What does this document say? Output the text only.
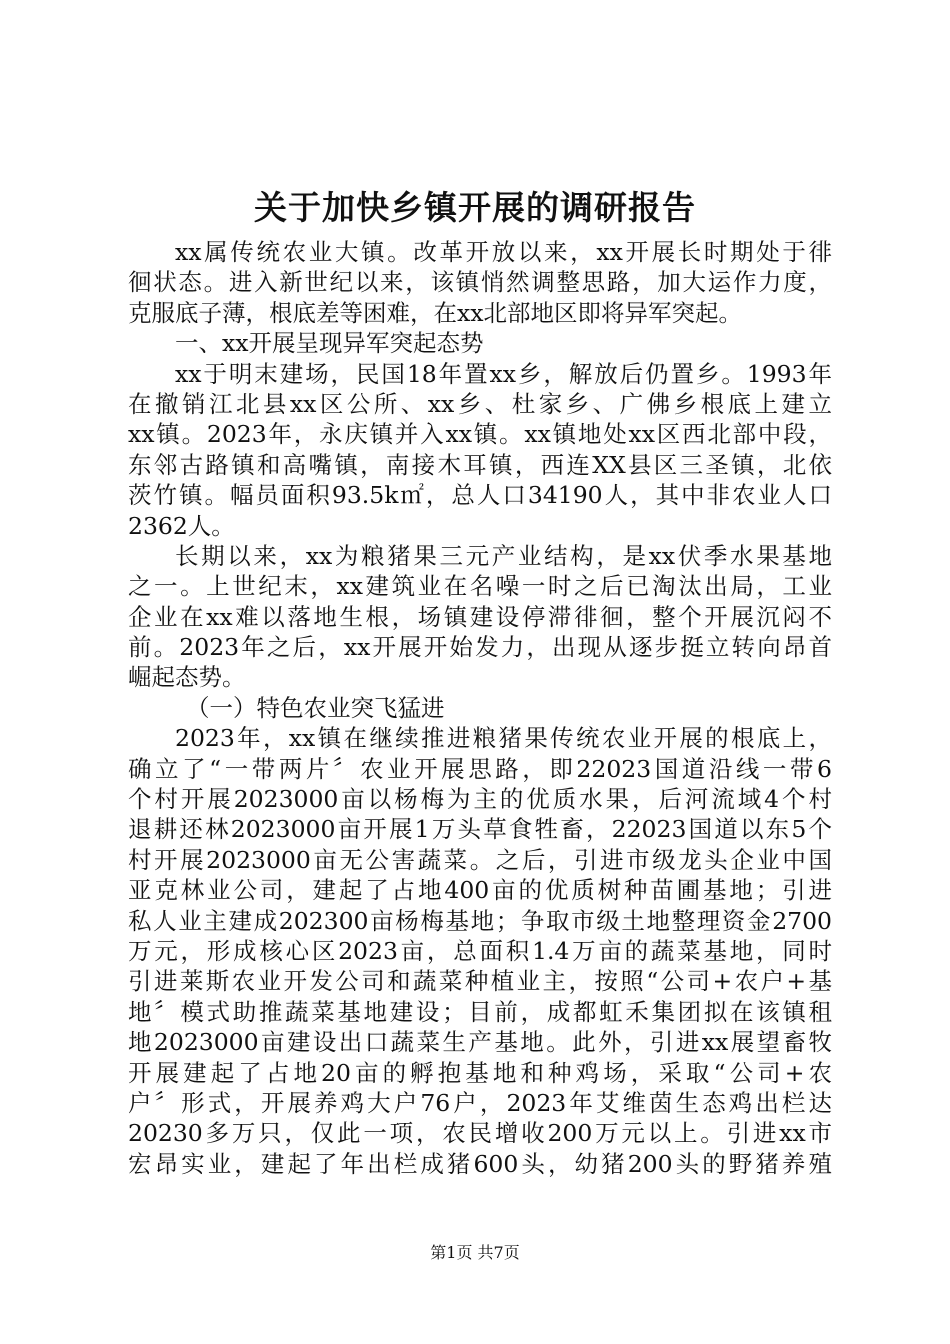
关于加快乡镇开展的调研报告
xx属传统农业大镇。改革开放以来，xx开展长时期处于徘
徊状态。进入新世纪以来，该镇悄然调整思路，加大运作力度，
克服底子薄，根底差等困难，在xx北部地区即将异军突起。
一、xx开展呈现异军突起态势
xx于明末建场，民国18年置xx乡，解放后仍置乡。1993年
在撤销江北县xx区公所、xx乡、杜家乡、广佛乡根底上建立
xx镇。2023年，永庆镇并入xx镇。xx镇地处xx区西北部中段，
东邻古路镇和高嘴镇，南接木耳镇，西连XX县区三圣镇，北依
茨竹镇。幅员面积93.5k㎡，总人口34190人，其中非农业人口
2362人。
长期以来，xx为粮猪果三元产业结构，是xx伏季水果基地
之一。上世纪末，xx建筑业在名噪一时之后已淘汰出局，工业
企业在xx难以落地生根，场镇建设停滞徘徊，整个开展沉闷不
前。2023年之后，xx开展开始发力，出现从逐步挺立转向昂首
崛起态势。
（一）特色农业突飞猛进
2023年，xx镇在继续推进粮猪果传统农业开展的根底上，
确立了“一带两片〞农业开展思路，即22023国道沿线一带6
个村开展2023000亩以杨梅为主的优质水果，后河流域4个村
退耕还林2023000亩开展1万头草食牲畜，22023国道以东5个
村开展2023000亩无公害蔬菜。之后，引进市级龙头企业中国
亚克林业公司，建起了占地400亩的优质树种苗圃基地；引进
私人业主建成202300亩杨梅基地；争取市级土地整理资金2700
万元，形成核心区2023亩，总面积1.4万亩的蔬菜基地，同时
引进莱斯农业开发公司和蔬菜种植业主，按照“公司+农户+基
地〞模式助推蔬菜基地建设；目前，成都虹禾集团拟在该镇租
地2023000亩建设出口蔬菜生产基地。此外，引进xx展望畜牧
开展建起了占地20亩的孵抱基地和种鸡场，采取“公司+农
户〞形式，开展养鸡大户76户，2023年艾维茵生态鸡出栏达
20230多万只，仅此一项，农民增收200万元以上。引进xx市
宏昂实业，建起了年出栏成猪600头，幼猪200头的野猪养殖
第1页 共7页
